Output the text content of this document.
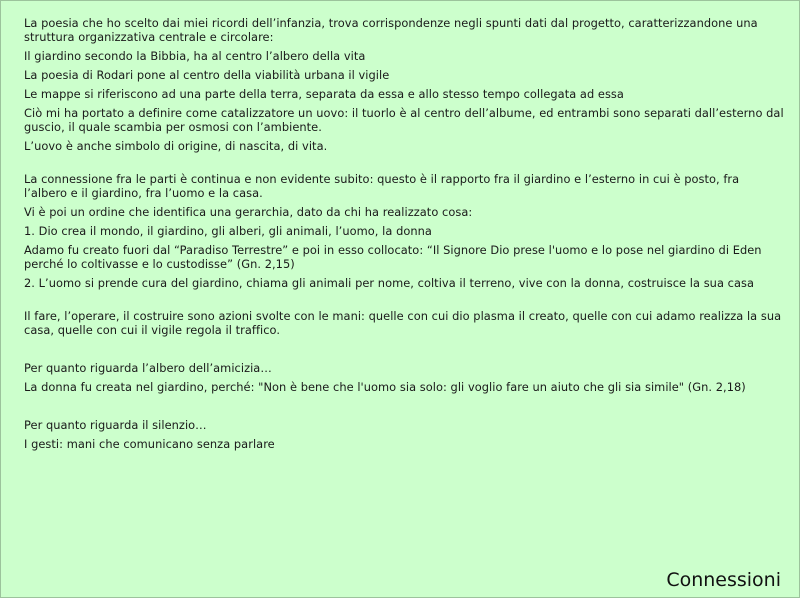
La poesia che ho scelto dai miei ricordi dell’infanzia, trova corrispondenze negli spunti dati dal progetto, caratterizzandone una struttura organizzativa centrale e circolare:

Il giardino secondo la Bibbia, ha al centro l’albero della vita

La poesia di Rodari pone al centro della viabilità urbana il vigile

Le mappe si riferiscono ad una parte della terra, separata da essa e allo stesso tempo collegata ad essa

Ciò mi ha portato a definire come catalizzatore un uovo: il tuorlo è al centro dell’albume, ed entrambi sono separati dall’esterno dal guscio, il quale scambia per osmosi con l’ambiente.

L’uovo è anche simbolo di origine, di nascita, di vita.

La connessione fra le parti è continua e non evidente subito: questo è il rapporto fra il giardino e l’esterno in cui è posto, fra l’albero e il giardino, fra l’uomo e la casa.

Vi è poi un ordine che identifica una gerarchia, dato da chi ha realizzato cosa:

1. Dio crea il mondo, il giardino, gli alberi, gli animali, l’uomo, la donna

Adamo fu creato fuori dal “Paradiso Terrestre” e poi in esso collocato: “Il Signore Dio prese l'uomo e lo pose nel giardino di Eden perché lo coltivasse e lo custodisse” (Gn. 2,15)

2. L’uomo si prende cura del giardino, chiama gli animali per nome, coltiva il terreno, vive con la donna, costruisce la sua casa

Il fare, l’operare, il costruire sono azioni svolte con le mani: quelle con cui dio plasma il creato, quelle con cui adamo realizza la sua casa, quelle con cui il vigile regola il traffico.

Per quanto riguarda l’albero dell’amicizia…

La donna fu creata nel giardino, perché: "Non è bene che l'uomo sia solo: gli voglio fare un aiuto che gli sia simile" (Gn. 2,18)

Per quanto riguarda il silenzio…

I gesti: mani che comunicano senza parlare

Connessioni
